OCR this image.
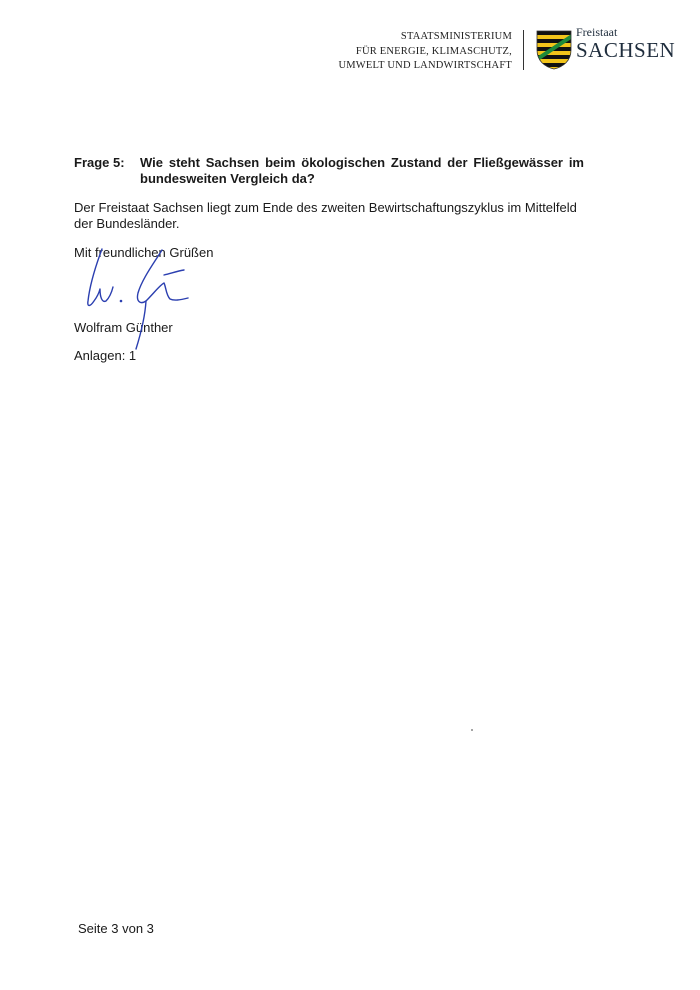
STAATSMINISTERIUM
FÜR ENERGIE, KLIMASCHUTZ,
UMWELT UND LANDWIRTSCHAFT
Freistaat
SACHSEN
Frage 5: Wie steht Sachsen beim ökologischen Zustand der Fließgewässer im bundesweiten Vergleich da?
Der Freistaat Sachsen liegt zum Ende des zweiten Bewirtschaftungszyklus im Mittelfeld der Bundesländer.
Mit freundlichen Grüßen
Wolfram Günther
Anlagen: 1
Seite 3 von 3
